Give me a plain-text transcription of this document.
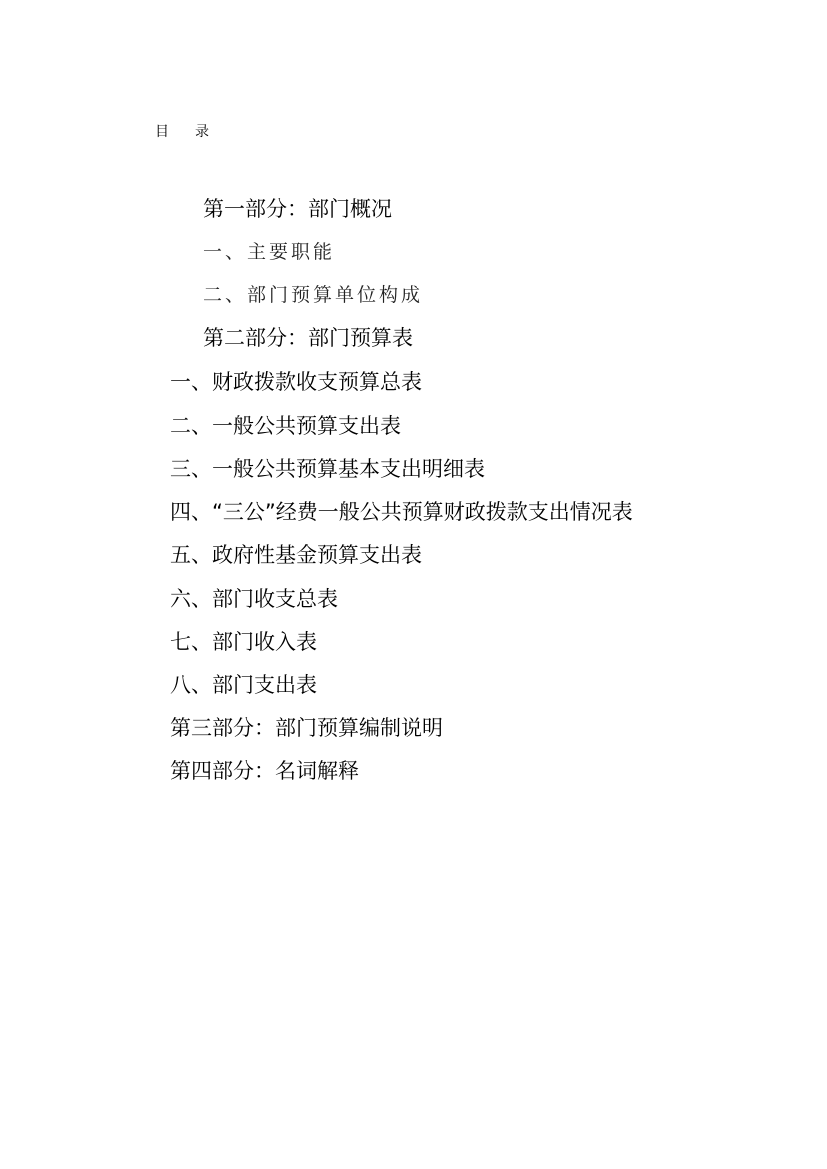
目录
第一部分：部门概况
一、主要职能
二、部门预算单位构成
第二部分：部门预算表
一、财政拨款收支预算总表
二、一般公共预算支出表
三、一般公共预算基本支出明细表
四、“三公”经费一般公共预算财政拨款支出情况表
五、政府性基金预算支出表
六、部门收支总表
七、部门收入表
八、部门支出表
第三部分：部门预算编制说明
第四部分：名词解释
